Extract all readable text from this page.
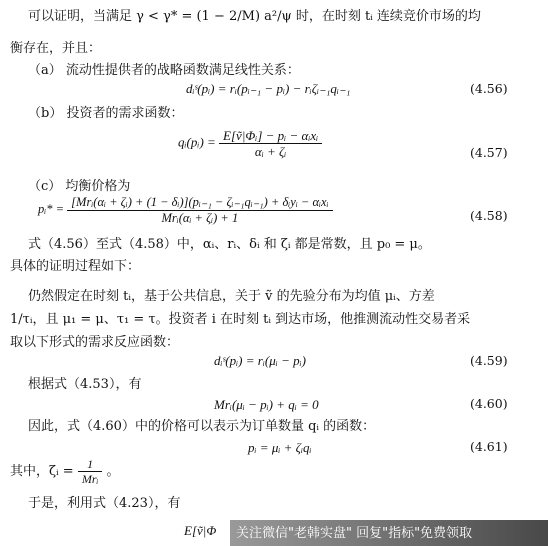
可以证明，当满足 γ < γ* = (1 − 2/M) a²/ψ 时，在时刻 tᵢ 连续竞价市场的均
衡存在，并且：
（a） 流动性提供者的战略函数满足线性关系：
dᵢˢ(pᵢ) = rᵢ(pᵢ₋₁ − pᵢ) − rᵢζᵢ₋₁qᵢ₋₁	(4.56)
（b） 投资者的需求函数：
qᵢ(pᵢ) = $\frac{\text{E[ṽ|Φᵢ] − pᵢ − αᵢxᵢ}}{\text{αᵢ + ζᵢ}}$	(4.57)
（c） 均衡价格为
pᵢ* = $\frac{\text{[Mrᵢ(αᵢ + ζᵢ) + (1 − δᵢ)](pᵢ₋₁ − ζᵢ₋₁qᵢ₋₁) + δᵢyᵢ − αᵢxᵢ}}{\text{Mrᵢ(αᵢ + ζᵢ) + 1}}$	(4.58)
式（4.56）至式（4.58）中，αᵢ、rᵢ、δᵢ 和 ζᵢ 都是常数，且 p₀ = μ。
具体的证明过程如下：
仍然假定在时刻 tᵢ，基于公共信息，关于 ṽ 的先验分布为均值 μᵢ、方差
1/τᵢ，且 μ₁ = μ、τ₁ = τ。投资者 i 在时刻 tᵢ 到达市场，他推测流动性交易者采
取以下形式的需求反应函数：
dᵢˢ(pᵢ) = rᵢ(μᵢ − pᵢ)	(4.59)
根据式（4.53），有
Mrᵢ(μᵢ − pᵢ) + qᵢ = 0	(4.60)
因此，式（4.60）中的价格可以表示为订单数量 qᵢ 的函数：
pᵢ = μᵢ + ζᵢqᵢ	(4.61)
其中，ζᵢ = $\frac{1}{\text{Mrᵢ}}$ 。
于是，利用式（4.23），有
E[ṽ|Φ 关注微信"老韩实盘" 回复"指标"免费领取
